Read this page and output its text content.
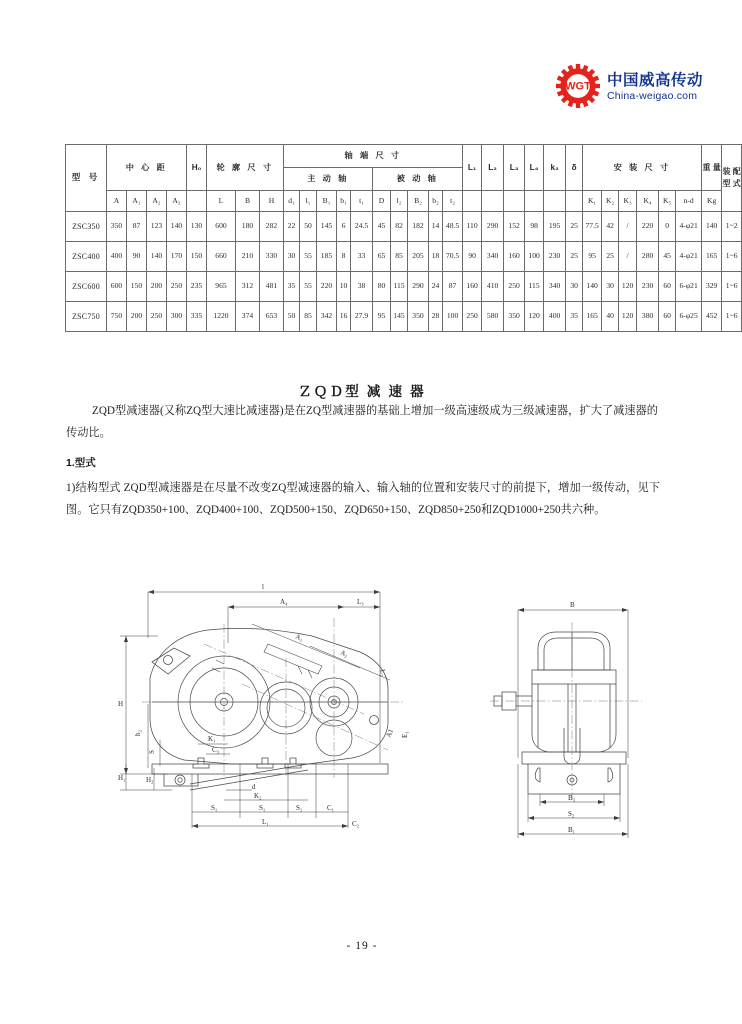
WGT 中国威高传动
China-weigao.com
型 号	中 心 距				H₀	轮 廓 尺 寸			轴 端 尺 寸										L₁	L₂	L₃	L₄	k₃	δ	安 装 尺 寸						重 量	装 配 型 式
									主 动 轴					被 动 轴																		
	A	A₁	A₂	A₃		L	B	H	d₁	l₁	B₁	b₁	t₁	D	l₂	B₂	b₂	t₂							K₁	K₂	K₃	K₄	K₅	n-d	Kg	
ZSC350	350	87	123	140	130	600	180	282	22	50	145	6	24.5	45	82	182	14	48.5	110	290	152	98	195	25	77.5	42	/	220	0	4-φ21	140	1~2
ZSC400	400	90	140	170	150	660	210	330	30	55	185	8	33	65	85	205	18	70.5	90	340	160	100	230	25	95	25	/	280	45	4-φ21	165	1~6
ZSC600	600	150	200	250	235	965	312	481	35	55	220	10	38	80	115	290	24	87	160	410	250	115	340	30	140	30	120	230	60	6-φ21	329	1~6
ZSC750	750	200	250	300	335	1220	374	653	50	85	342	16	27.9	95	145	350	28	100	250	580	350	120	400	35	165	40	120	380	60	6-φ25	452	1~6
ＺＱＤ型 减 速 器
ZQD型减速器(又称ZQ型大速比减速器)是在ZQ型减速器的基础上增加一级高速级成为三级减速器，扩大了减速器的传动比。
1.型式
1)结构型式 ZQD型减速器是在尽量不改变ZQ型减速器的输入、输入轴的位置和安装尺寸的前提下，增加一级传动，见下图。它只有ZQD350+100、ZQD400+100、ZQD500+150、ZQD650+150、ZQD850+250和ZQD1000+250共六种。
- 19 -
l
A₄	L₃
A₃
A₂
L₂
A1 E₁
H
h₂
S
H₁	H₂
K₁
C₃
K₂
d
S₁	S₁	S₁	C₁
L₁	C₂
B
B₃
S₂
B₁
